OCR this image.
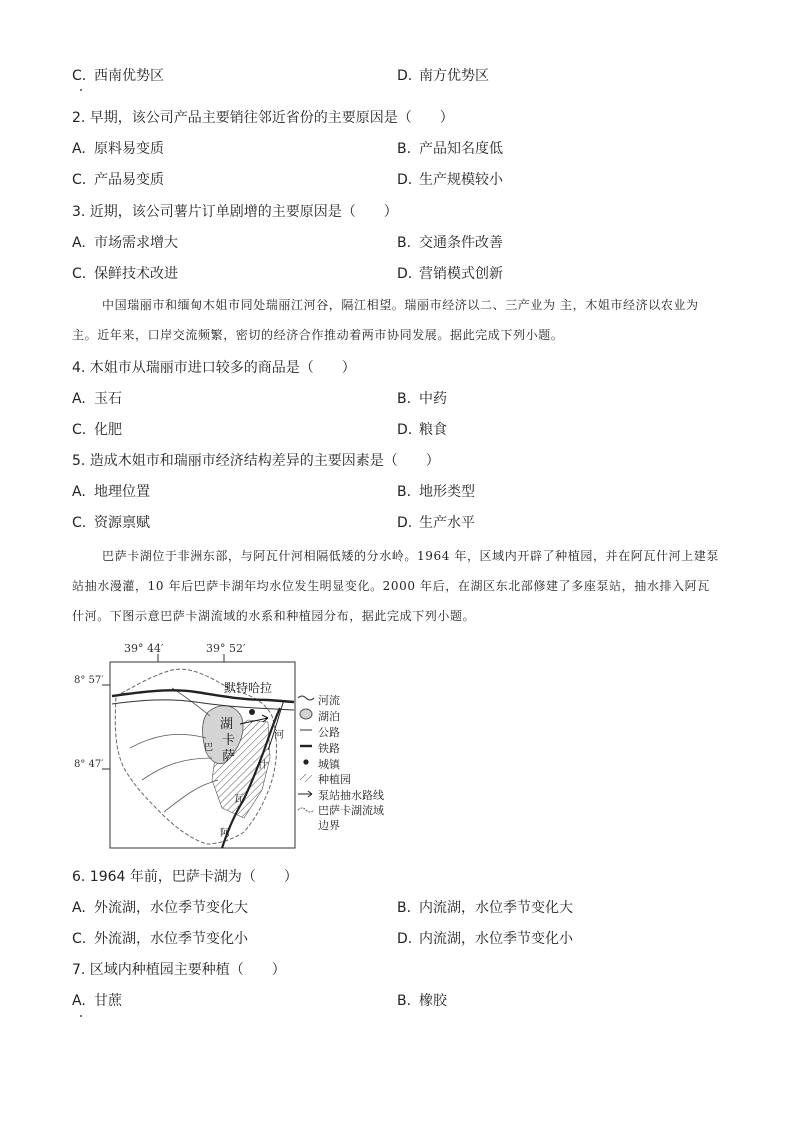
C. 西南优势区	D. 南方优势区
2. 早期，该公司产品主要销往邻近省份的主要原因是（　　）
A. 原料易变质	B. 产品知名度低
C. 产品易变质	D. 生产规模较小
3. 近期，该公司薯片订单剧增的主要原因是（　　）
A. 市场需求增大	B. 交通条件改善
C. 保鲜技术改进	D. 营销模式创新
中国瑞丽市和缅甸木姐市同处瑞丽江河谷，隔江相望。瑞丽市经济以二、三产业为 主，木姐市经济以农业为主。近年来，口岸交流频繁，密切的经济合作推动着两市协同发展。据此完成下列小题。
4. 木姐市从瑞丽市进口较多的商品是（　　）
A. 玉石	B. 中药
C. 化肥	D. 粮食
5. 造成木姐市和瑞丽市经济结构差异的主要因素是（　　）
A. 地理位置	B. 地形类型
C. 资源禀赋	D. 生产水平
巴萨卡湖位于非洲东部，与阿瓦什河相隔低矮的分水岭。1964 年，区域内开辟了种植园，并在阿瓦什河上建泵站抽水漫灌，10 年后巴萨卡湖年均水位发生明显变化。2000 年后，在湖区东北部修建了多座泵站，抽水排入阿瓦什河。下图示意巴萨卡湖流域的水系和种植园分布，据此完成下列小题。
39° 44′	39° 52′
8° 57′
8° 47′
湖
卡
萨
巴
河
什
瓦
阿
默特哈拉
河流
湖泊
公路
铁路
城镇
种植园
泵站抽水路线
巴萨卡湖流域
边界
6. 1964 年前，巴萨卡湖为（　　）
A. 外流湖，水位季节变化大	B. 内流湖，水位季节变化大
C. 外流湖，水位季节变化小	D. 内流湖，水位季节变化小
7. 区域内种植园主要种植（　　）
A. 甘蔗	B. 橡胶
